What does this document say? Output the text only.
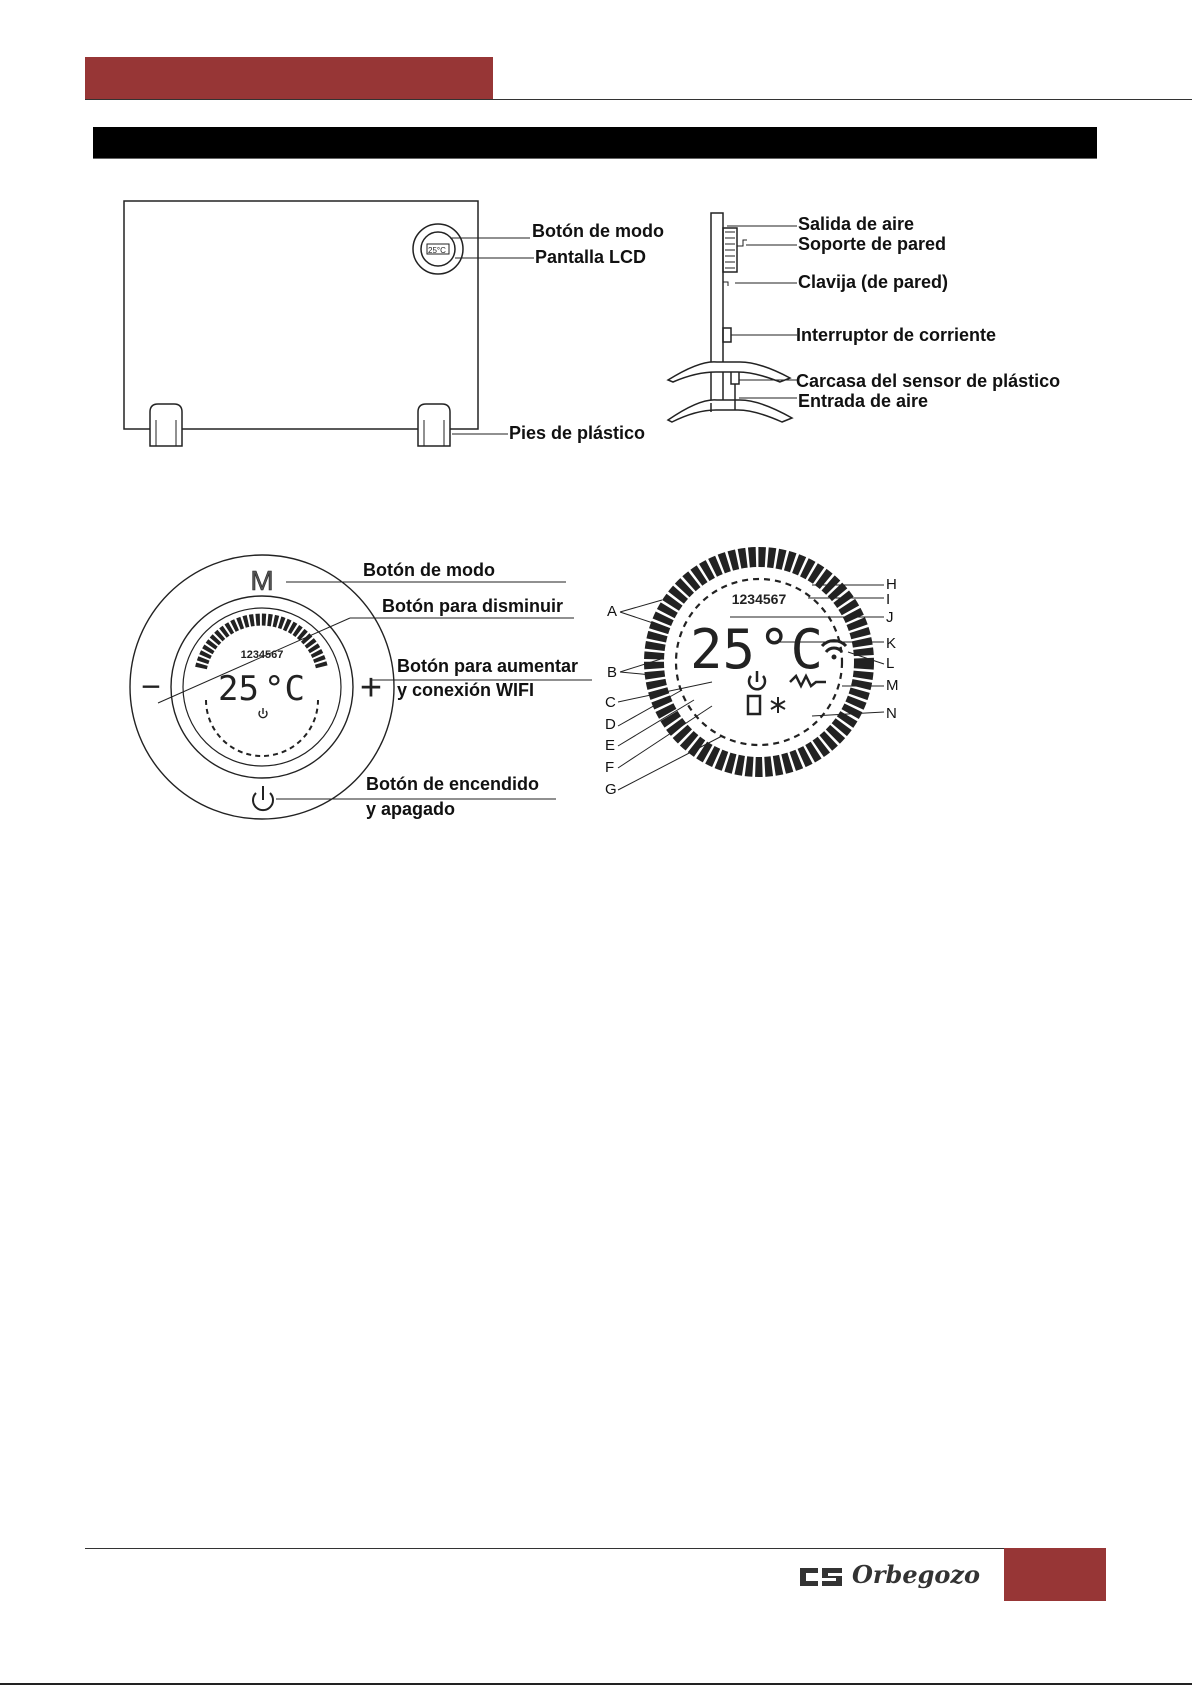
25°C
M
−	+
1234567
25 °C
1234567
25 °C
Botón de modo
Pantalla LCD
Pies de plástico
Salida de aire
Soporte de pared
Clavija (de pared)
Interruptor de corriente
Carcasa del sensor de plástico
Entrada de aire
Botón de modo
Botón para disminuir
Botón para aumentar
y conexión WIFI
Botón de encendido
y apagado
A
B
C
D
E
F
G
H
I
J
K
L
M
N
Orbegozo
